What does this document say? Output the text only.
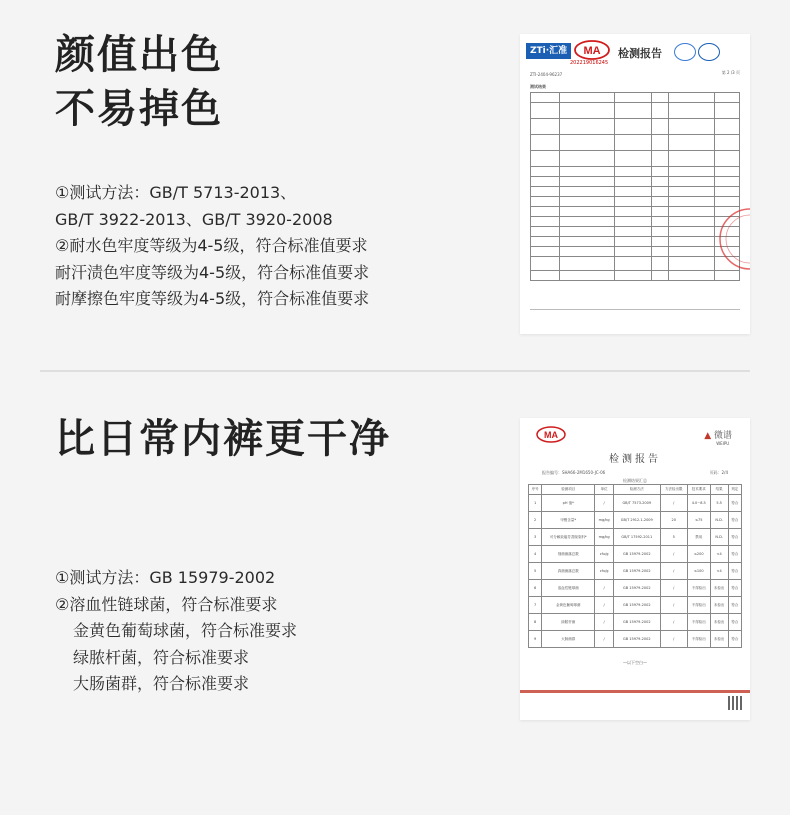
颜值出色
不易掉色
①测试方法：GB/T 5713-2013、
GB/T 3922-2013、GB/T 3920-2008
②耐水色牢度等级为4-5级，符合标准值要求
耐汗渍色牢度等级为4-5级，符合标准值要求
耐摩擦色牢度等级为4-5级，符合标准值要求
ZTi·汇准	MA
202219016245
检测报告
ZTI-2404-96237	第 2 /3 页
测试结果

比日常内裤更干净
①测试方法：GB 15979-2002
②溶血性链球菌，符合标准要求
金黄色葡萄球菌，符合标准要求
绿脓杆菌，符合标准要求
大肠菌群，符合标准要求
MA	▲ 微谱
WEIPU
检测报告
报告编号：SHA66-2M1650-JC-06	页码：2/4
检测结果汇总
序号	检测项目	单位	检测方法	方法检出限	技术要求	结果	判定
1	pH 值*	/	GB/T 7573-2009	/	4.0~8.5	5.5	符合
2	甲醛含量*	mg/kg	GB/T 2912.1-2009	20	≤75	N.D.	符合
3	可分解致癌芳香胺染料*	mg/kg	GB/T 17592-2011	5	禁用	N.D.	符合
4	细菌菌落总数	cfu/g	GB 15979-2002	/	≤200	<4	符合
5	真菌菌落总数	cfu/g	GB 15979-2002	/	≤100	<4	符合
6	溶血性链球菌	/	GB 15979-2002	/	不得检出	未检出	符合
7	金黄色葡萄球菌	/	GB 15979-2002	/	不得检出	未检出	符合
8	绿脓杆菌	/	GB 15979-2002	/	不得检出	未检出	符合
9	大肠菌群	/	GB 15979-2002	/	不得检出	未检出	符合
—以下空白—
